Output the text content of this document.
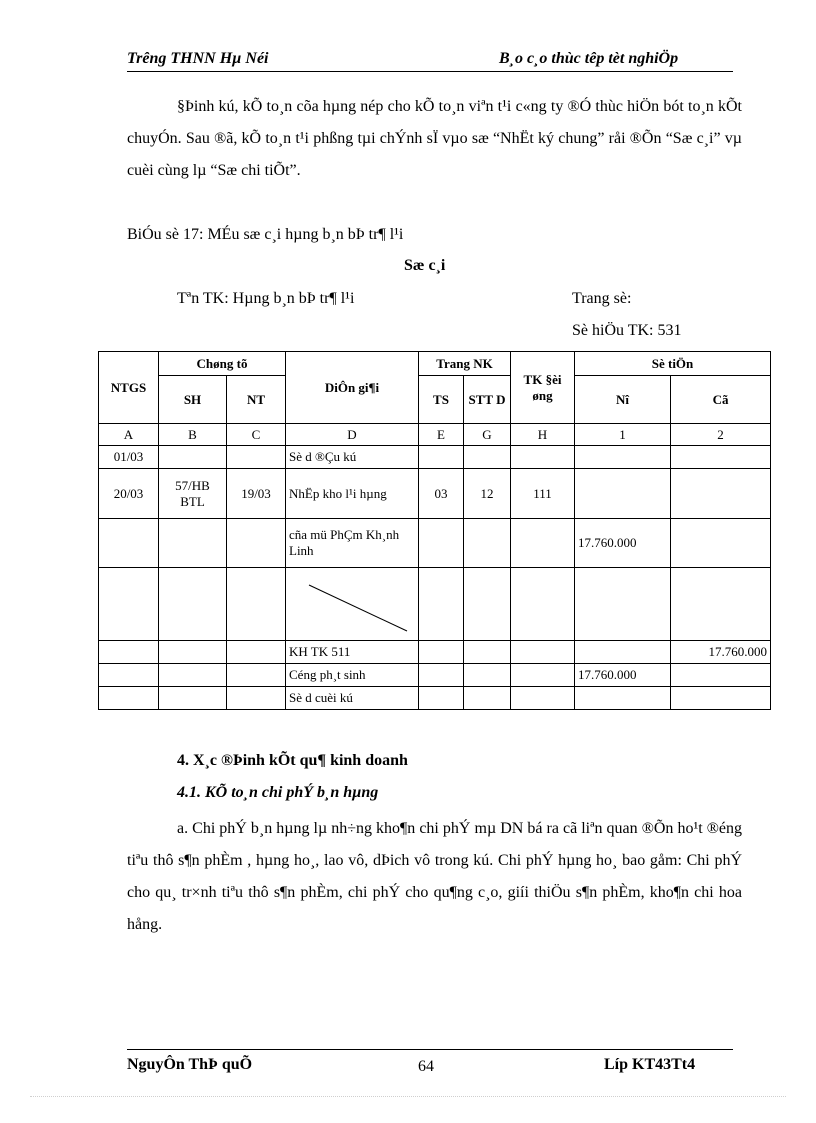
Trêng THNN Hµ Néi	B¸o c¸o thùc têp tèt nghiÖp
§Þinh kú, kÕ to¸n cõa hµng nép cho kÕ to¸n viªn t¹i c«ng ty ®Ó thùc hiÖn bót to¸n kÕt chuyÓn. Sau ®ã, kÕ to¸n t¹i phßng tµi chÝnh sÏ vµo sæ “NhËt ký chung” råi ®Õn “Sæ c¸i” vµ cuèi cùng lµ “Sæ chi tiÕt”.
BiÓu sè 17: MÉu sæ c¸i hµng b¸n bÞ tr¶ l¹i
Sæ c¸i
Tªn TK: Hµng b¸n bÞ tr¶ l¹i	Trang sè:
Sè hiÖu TK: 531
NTGS	Chøng tõ		DiÔn gi¶i	Trang NK		TK §èi øng	Sè tiÖn	
	SH	NT		TS	STT D		Nî	Cã
A	B	C	D	E	G	H	1	2
01/03			Sè d ®Çu kú					
20/03	57/HB BTL	19/03	NhËp kho l¹i hµng	03	12	111		
			cña mü PhÇm Kh¸nh Linh				17.760.000	

			KH TK 511					17.760.000
			Céng ph¸t sinh				17.760.000	
			Sè d cuèi kú					
4. X¸c ®Þinh kÕt qu¶ kinh doanh
4.1. KÕ to¸n chi phÝ b¸n hµng
a. Chi phÝ b¸n hµng lµ nh÷ng kho¶n chi phÝ mµ DN bá ra cã liªn quan ®Õn ho¹t ®éng tiªu thô s¶n phÈm , hµng ho¸, lao vô, dÞich vô trong kú. Chi phÝ hµng ho¸ bao gåm: Chi phÝ cho qu¸ tr×nh tiªu thô s¶n phÈm, chi phÝ cho qu¶ng c¸o, giíi thiÖu s¶n phÈm, kho¶n chi hoa hång.
NguyÔn ThÞ quÕ	64	Líp KT43Tt4
